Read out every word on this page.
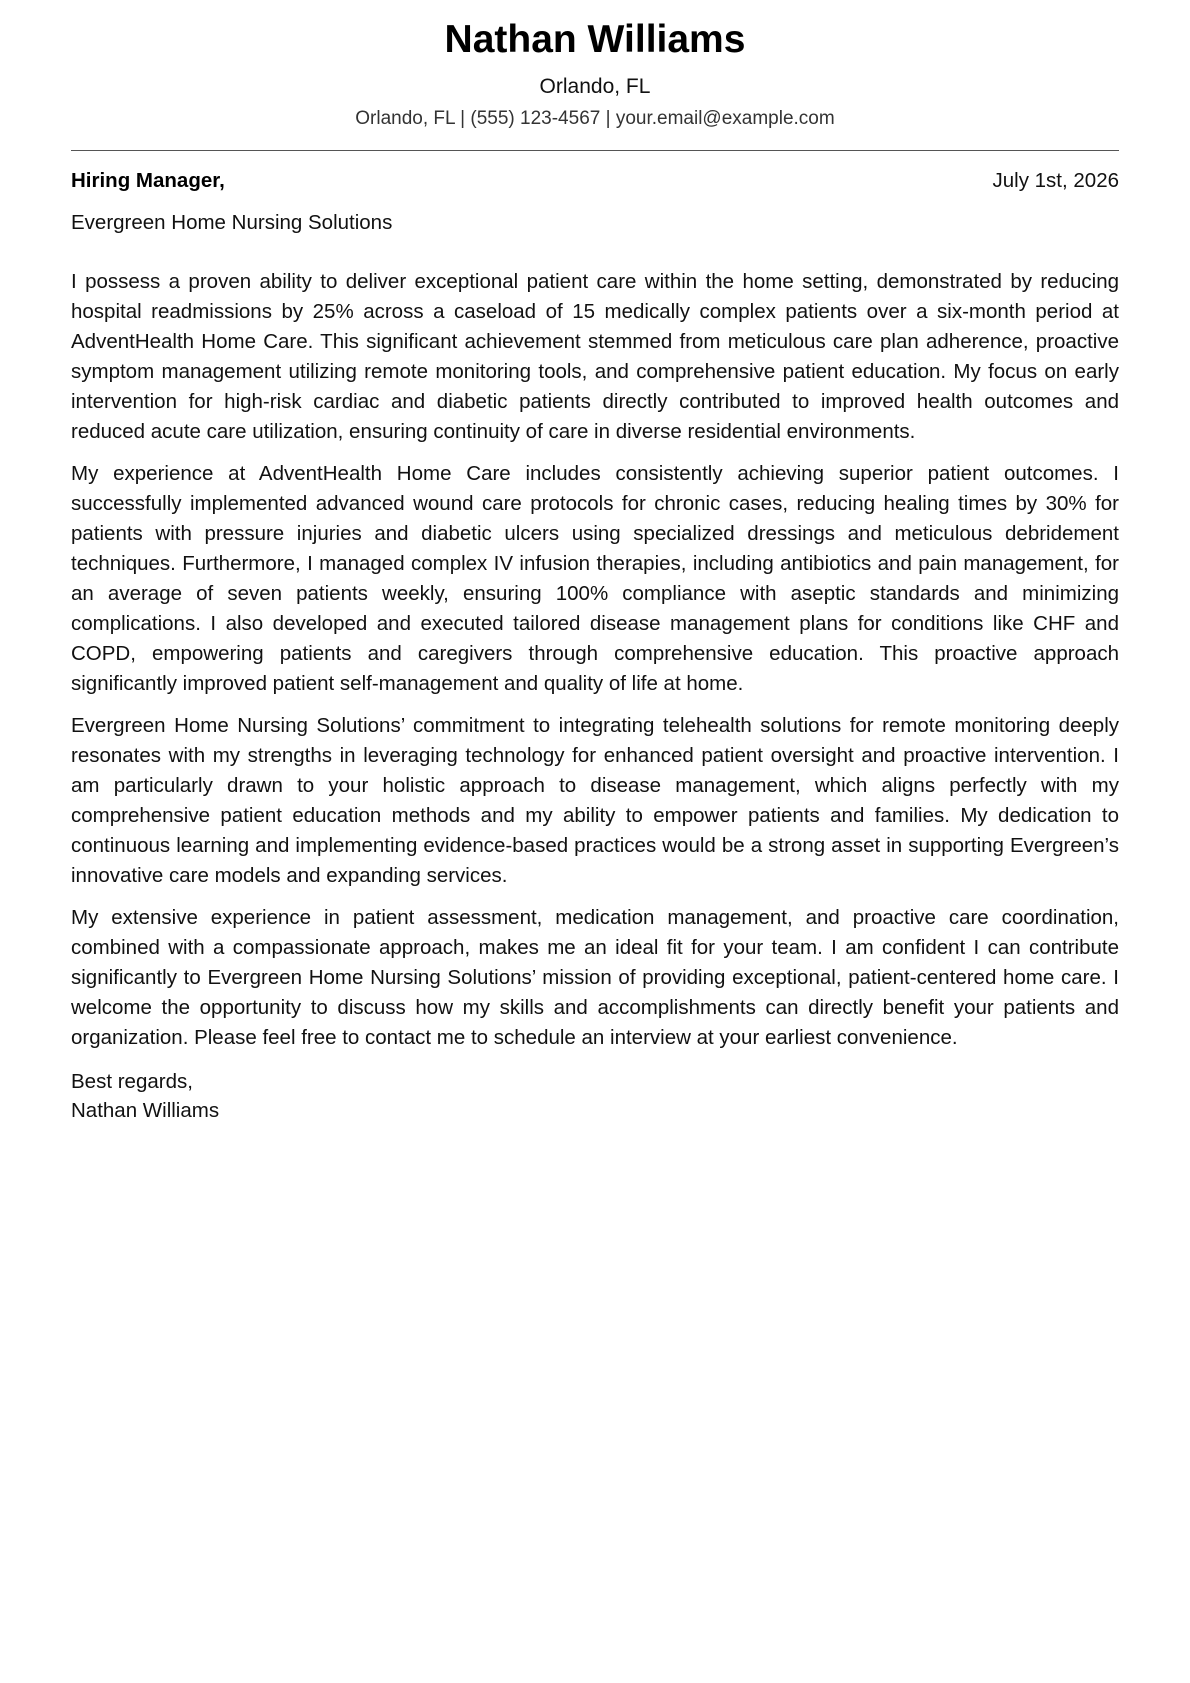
Nathan Williams
Orlando, FL
Orlando, FL | (555) 123-4567 | your.email@example.com
Hiring Manager,	July 1st, 2026
Evergreen Home Nursing Solutions

I possess a proven ability to deliver exceptional patient care within the home setting, demonstrated by reducing hospital readmissions by 25% across a caseload of 15 medically complex patients over a six-month period at AdventHealth Home Care. This significant achievement stemmed from meticulous care plan adherence, proactive symptom management utilizing remote monitoring tools, and comprehensive patient education. My focus on early intervention for high-risk cardiac and diabetic patients directly contributed to improved health outcomes and reduced acute care utilization, ensuring continuity of care in diverse residential environments.

My experience at AdventHealth Home Care includes consistently achieving superior patient outcomes. I successfully implemented advanced wound care protocols for chronic cases, reducing healing times by 30% for patients with pressure injuries and diabetic ulcers using specialized dressings and meticulous debridement techniques. Furthermore, I managed complex IV infusion therapies, including antibiotics and pain management, for an average of seven patients weekly, ensuring 100% compliance with aseptic standards and minimizing complications. I also developed and executed tailored disease management plans for conditions like CHF and COPD, empowering patients and caregivers through comprehensive education. This proactive approach significantly improved patient self-management and quality of life at home.

Evergreen Home Nursing Solutions’ commitment to integrating telehealth solutions for remote monitoring deeply resonates with my strengths in leveraging technology for enhanced patient oversight and proactive intervention. I am particularly drawn to your holistic approach to disease management, which aligns perfectly with my comprehensive patient education methods and my ability to empower patients and families. My dedication to continuous learning and implementing evidence-based practices would be a strong asset in supporting Evergreen’s innovative care models and expanding services.

My extensive experience in patient assessment, medication management, and proactive care coordination, combined with a compassionate approach, makes me an ideal fit for your team. I am confident I can contribute significantly to Evergreen Home Nursing Solutions’ mission of providing exceptional, patient-centered home care. I welcome the opportunity to discuss how my skills and accomplishments can directly benefit your patients and organization. Please feel free to contact me to schedule an interview at your earliest convenience.

Best regards,
Nathan Williams
